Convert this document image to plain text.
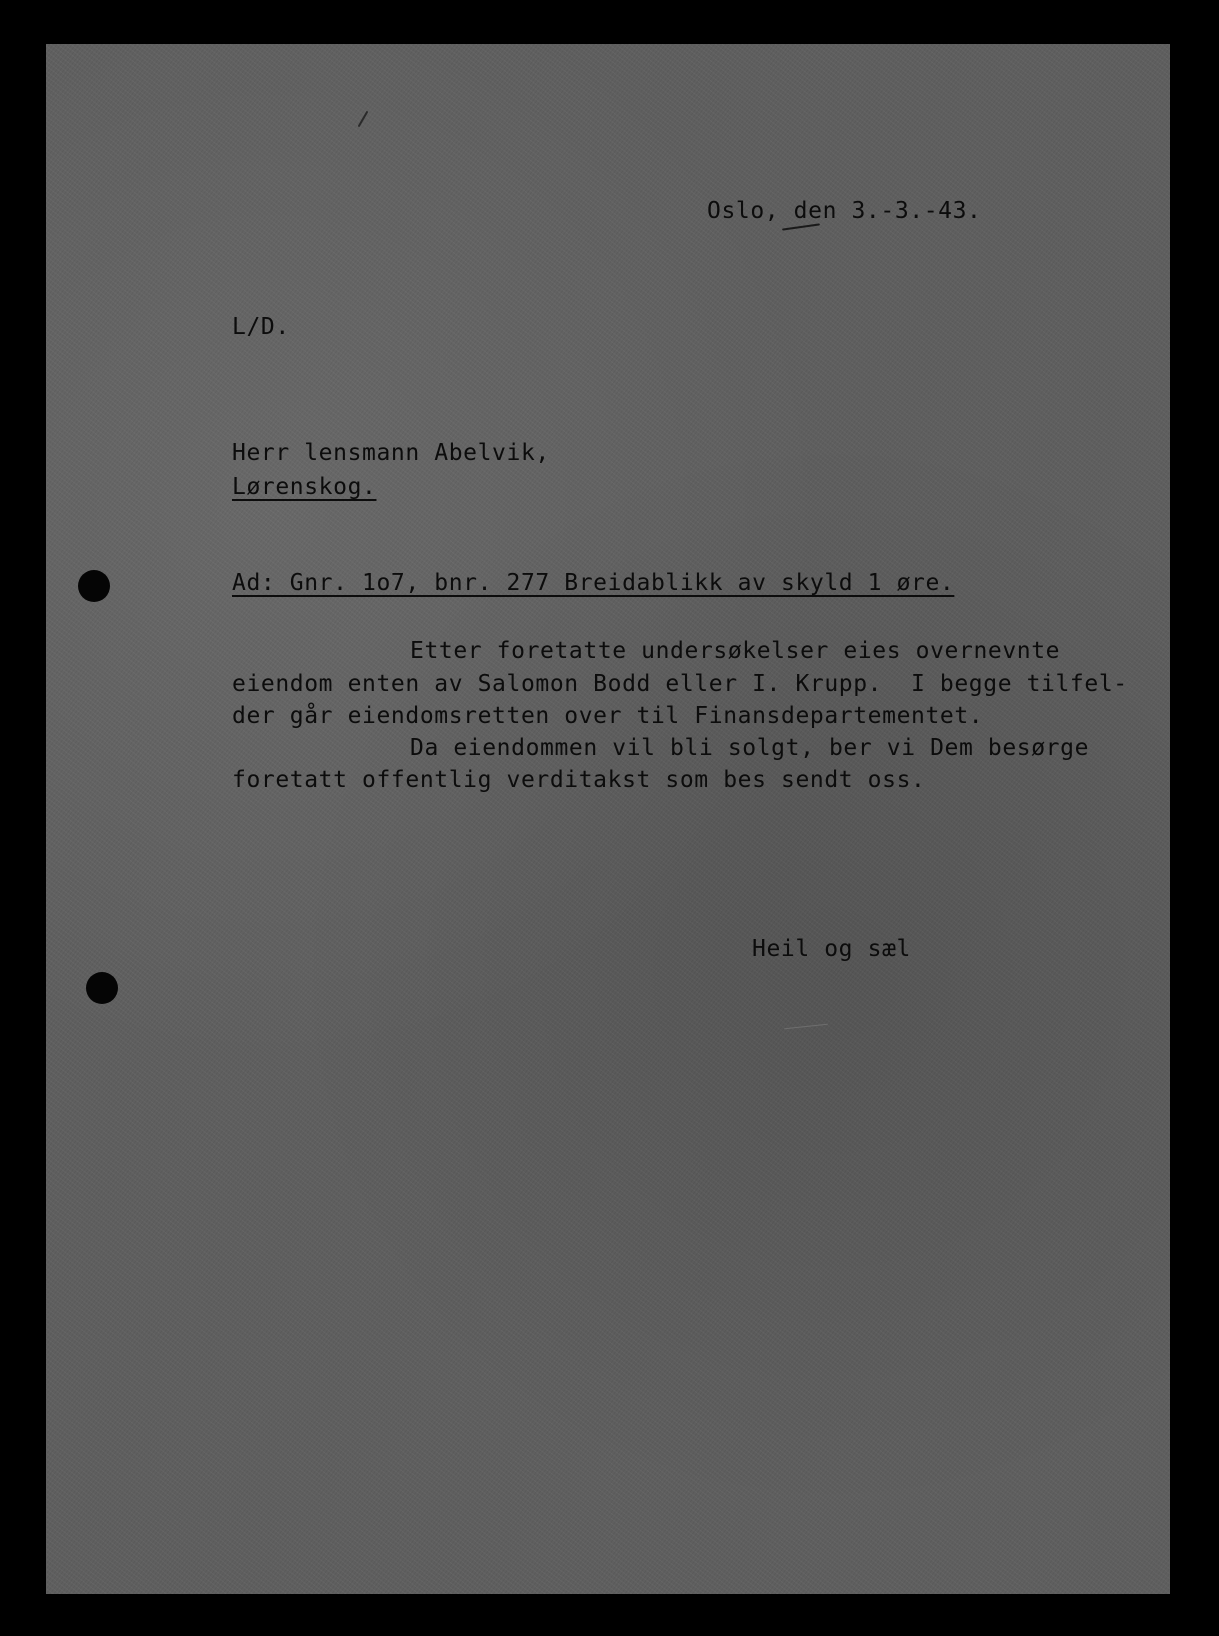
Oslo, den 3.-3.-43.
L/D.
Herr lensmann Abelvik,
Lørenskog.
Ad: Gnr. 1o7, bnr. 277 Breidablikk av skyld 1 øre.
Etter foretatte undersøkelser eies overnevnte
eiendom enten av Salomon Bodd eller I. Krupp.  I begge tilfel-
der går eiendomsretten over til Finansdepartementet.
Da eiendommen vil bli solgt, ber vi Dem besørge
foretatt offentlig verditakst som bes sendt oss.
Heil og sæl
